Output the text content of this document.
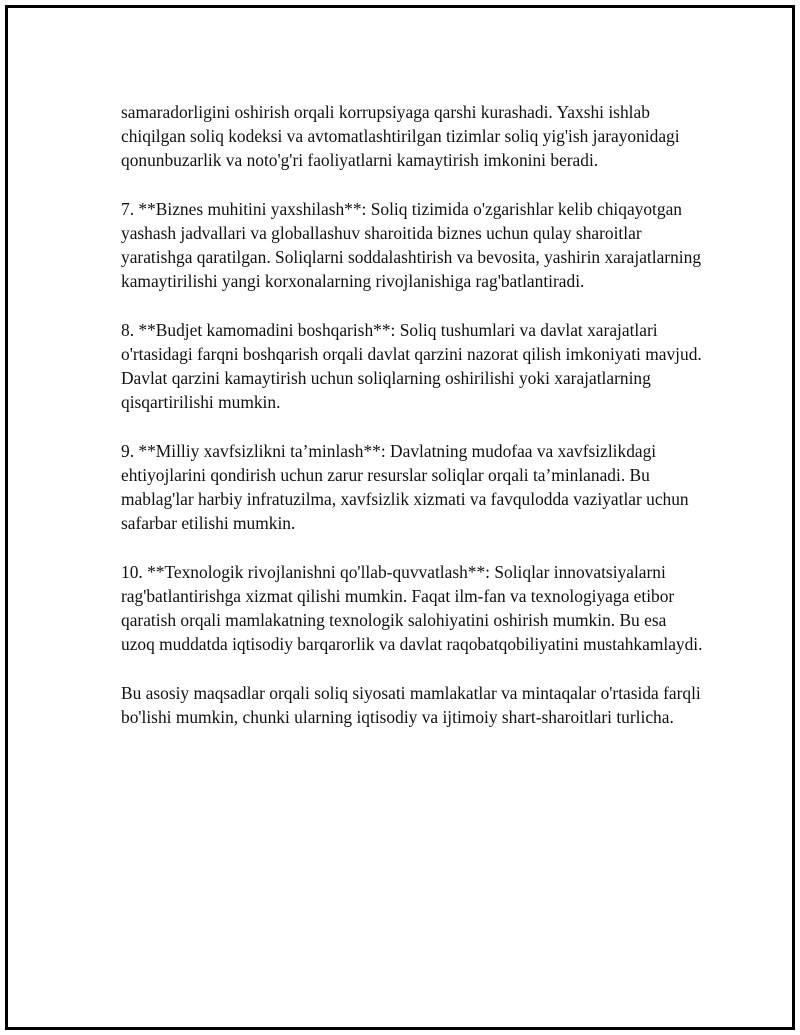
samaradorligini oshirish orqali korrupsiyaga qarshi kurashadi. Yaxshi ishlab chiqilgan soliq kodeksi va avtomatlashtirilgan tizimlar soliq yig'ish jarayonidagi qonunbuzarlik va noto'g'ri faoliyatlarni kamaytirish imkonini beradi.

7. **Biznes muhitini yaxshilash**: Soliq tizimida o'zgarishlar kelib chiqayotgan yashash jadvallari va globallashuv sharoitida biznes uchun qulay sharoitlar yaratishga qaratilgan. Soliqlarni soddalashtirish va bevosita, yashirin xarajatlarning kamaytirilishi yangi korxonalarning rivojlanishiga rag'batlantiradi.

8. **Budjet kamomadini boshqarish**: Soliq tushumlari va davlat xarajatlari o'rtasidagi farqni boshqarish orqali davlat qarzini nazorat qilish imkoniyati mavjud. Davlat qarzini kamaytirish uchun soliqlarning oshirilishi yoki xarajatlarning qisqartirilishi mumkin.

9. **Milliy xavfsizlikni ta’minlash**: Davlatning mudofaa va xavfsizlikdagi ehtiyojlarini qondirish uchun zarur resurslar soliqlar orqali ta’minlanadi. Bu mablag'lar harbiy infratuzilma, xavfsizlik xizmati va favqulodda vaziyatlar uchun safarbar etilishi mumkin.

10. **Texnologik rivojlanishni qo'llab-quvvatlash**: Soliqlar innovatsiyalarni rag'batlantirishga xizmat qilishi mumkin. Faqat ilm-fan va texnologiyaga etibor qaratish orqali mamlakatning texnologik salohiyatini oshirish mumkin. Bu esa uzoq muddatda iqtisodiy barqarorlik va davlat raqobatqobiliyatini mustahkamlaydi.

Bu asosiy maqsadlar orqali soliq siyosati mamlakatlar va mintaqalar o'rtasida farqli bo'lishi mumkin, chunki ularning iqtisodiy va ijtimoiy shart-sharoitlari turlicha.
